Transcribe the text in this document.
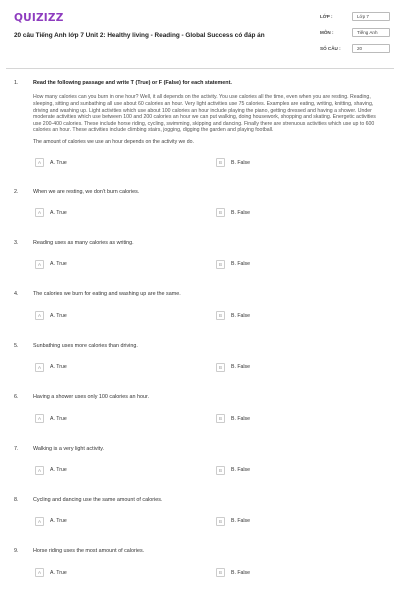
QUIZIZZ
20 câu Tiếng Anh lớp 7 Unit 2: Healthy living - Reading - Global Success có đáp án
LỚP :	Lớp 7
MÔN :	Tiếng Anh
SỐ CÂU :	20
1.	Read the following passage and write T (True) or F (False) for each statement.
How many calories can you burn in one hour? Well, it all depends on the activity. You use calories all the time, even when you are resting. Reading, sleeping, sitting and sunbathing all use about 60 calories an hour. Very light activities use 75 calories. Examples are eating, writing, knitting, shaving, driving and washing up. Light activities which use about 100 calories an hour include playing the piano, getting dressed and having a shower. Under moderate activities which use between 100 and 200 calories an hour we can put walking, doing housework, shopping and skating. Energetic activities use 200-400 calories. These include horse riding, cycling, swimming, skipping and dancing. Finally there are strenuous activities which use up to 600 calories an hour. These activities include climbing stairs, jogging, digging the garden and playing football.
The amount of calories we use an hour depends on the activity we do.
A	A. True	B	B. False
2.	When we are resting, we don’t burn calories.
A	A. True	B	B. False
3.	Reading uses as many calories as writing.
A	A. True	B	B. False
4.	The calories we burn for eating and washing up are the same.
A	A. True	B	B. False
5.	Sunbathing uses more calories than driving.
A	A. True	B	B. False
6.	Having a shower uses only 100 calories an hour.
A	A. True	B	B. False
7.	Walking is a very light activity.
A	A. True	B	B. False
8.	Cycling and dancing use the same amount of calories.
A	A. True	B	B. False
9.	Horse riding uses the most amount of calories.
A	A. True	B	B. False
